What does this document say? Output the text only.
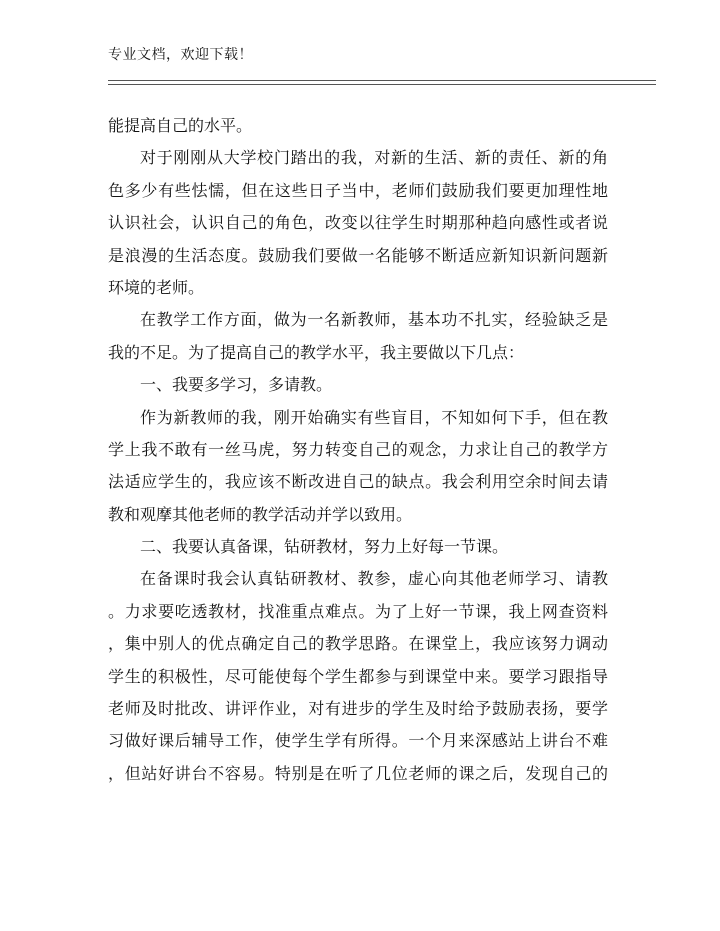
专业文档，欢迎下载！
能提高自己的水平。
对于刚刚从大学校门踏出的我，对新的生活、新的责任、新的角
色多少有些怯懦，但在这些日子当中，老师们鼓励我们要更加理性地
认识社会，认识自己的角色，改变以往学生时期那种趋向感性或者说
是浪漫的生活态度。鼓励我们要做一名能够不断适应新知识新问题新
环境的老师。
在教学工作方面，做为一名新教师，基本功不扎实，经验缺乏是
我的不足。为了提高自己的教学水平，我主要做以下几点：
一、我要多学习，多请教。
作为新教师的我，刚开始确实有些盲目，不知如何下手，但在教
学上我不敢有一丝马虎，努力转变自己的观念，力求让自己的教学方
法适应学生的，我应该不断改进自己的缺点。我会利用空余时间去请
教和观摩其他老师的教学活动并学以致用。
二、我要认真备课，钻研教材，努力上好每一节课。
在备课时我会认真钻研教材、教参，虚心向其他老师学习、请教
。力求要吃透教材，找准重点难点。为了上好一节课，我上网查资料
，集中别人的优点确定自己的教学思路。在课堂上，我应该努力调动
学生的积极性，尽可能使每个学生都参与到课堂中来。要学习跟指导
老师及时批改、讲评作业，对有进步的学生及时给予鼓励表扬，要学
习做好课后辅导工作，使学生学有所得。一个月来深感站上讲台不难
，但站好讲台不容易。特别是在听了几位老师的课之后，发现自己的
